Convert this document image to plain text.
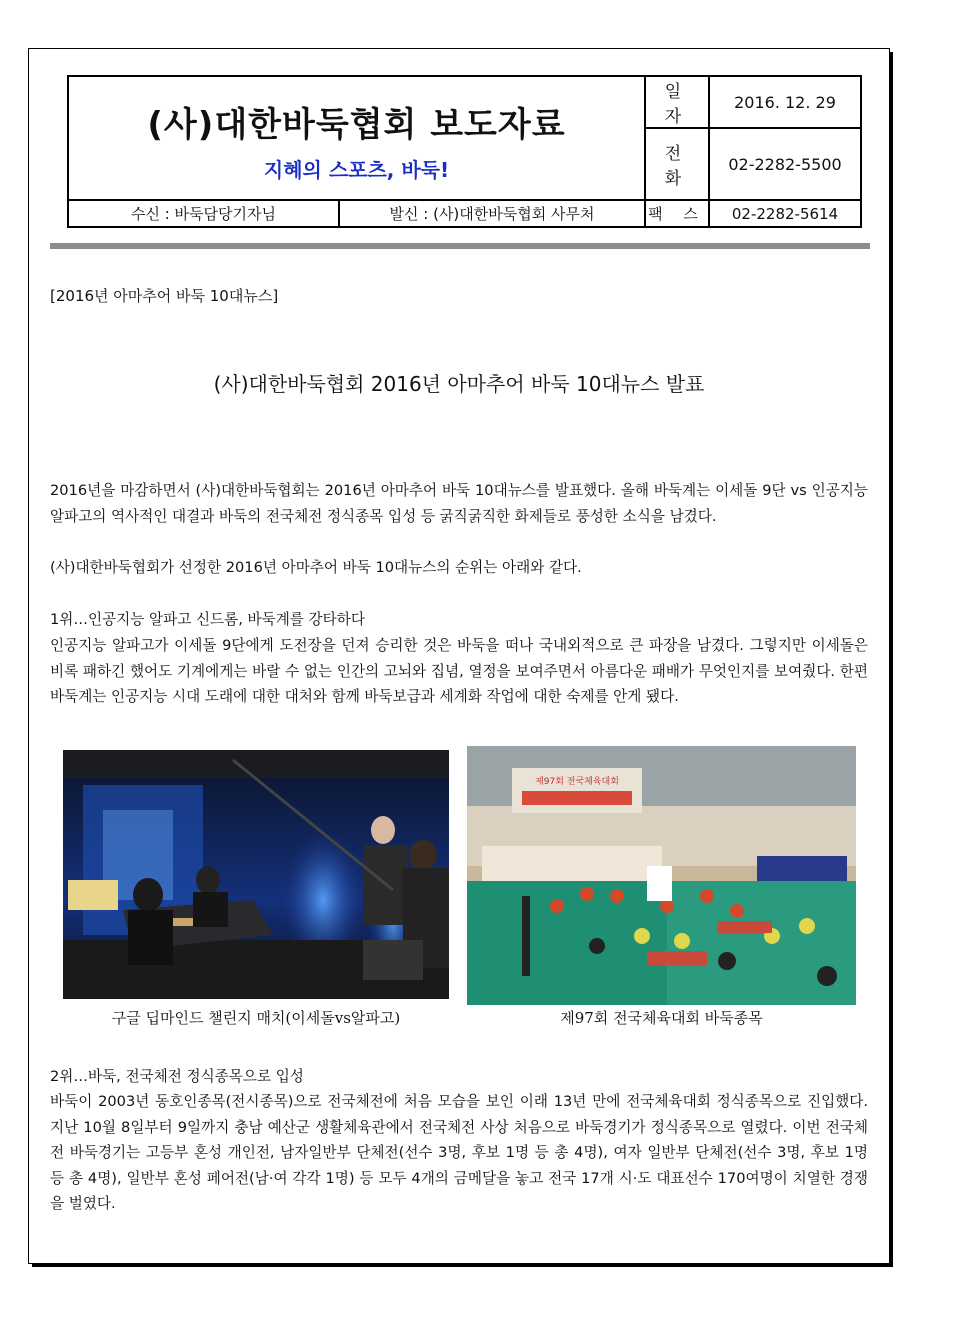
(사)대한바둑협회 보도자료
지혜의 스포츠, 바둑!
	일 자	2016. 12. 29
전 화	02-2282-5500

수신 : 바둑담당기자님	발신 : (사)대한바둑협회 사무처
		팩 스	02-2282-5614
[2016년 아마추어 바둑 10대뉴스]
(사)대한바둑협회 2016년 아마추어 바둑 10대뉴스 발표

2016년을 마감하면서 (사)대한바둑협회는 2016년 아마추어 바둑 10대뉴스를 발표했다. 올해 바둑계는 이세돌 9단 vs 인공지능 알파고의 역사적인 대결과 바둑의 전국체전 정식종목 입성 등 굵직굵직한 화제들로 풍성한 소식을 남겼다.

(사)대한바둑협회가 선정한 2016년 아마추어 바둑 10대뉴스의 순위는 아래와 같다.

1위…인공지능 알파고 신드롬, 바둑계를 강타하다

인공지능 알파고가 이세돌 9단에게 도전장을 던져 승리한 것은 바둑을 떠나 국내외적으로 큰 파장을 남겼다. 그렇지만 이세돌은 비록 패하긴 했어도 기계에게는 바랄 수 없는 인간의 고뇌와 집념, 열정을 보여주면서 아름다운 패배가 무엇인지를 보여줬다. 한편 바둑계는 인공지능 시대 도래에 대한 대처와 함께 바둑보급과 세계화 작업에 대한 숙제를 안게 됐다.

구글 딥마인드 챌린지 매치(이세돌vs알파고)
제97회 전국체육대회
제97회 전국체육대회 바둑종목

2위…바둑, 전국체전 정식종목으로 입성

바둑이 2003년 동호인종목(전시종목)으로 전국체전에 처음 모습을 보인 이래 13년 만에 전국체육대회 정식종목으로 진입했다. 지난 10월 8일부터 9일까지 충남 예산군 생활체육관에서 전국체전 사상 처음으로 바둑경기가 정식종목으로 열렸다. 이번 전국체전 바둑경기는 고등부 혼성 개인전, 남자일반부 단체전(선수 3명, 후보 1명 등 총 4명), 여자 일반부 단체전(선수 3명, 후보 1명 등 총 4명), 일반부 혼성 페어전(남·여 각각 1명) 등 모두 4개의 금메달을 놓고 전국 17개 시·도 대표선수 170여명이 치열한 경쟁을 벌였다.
